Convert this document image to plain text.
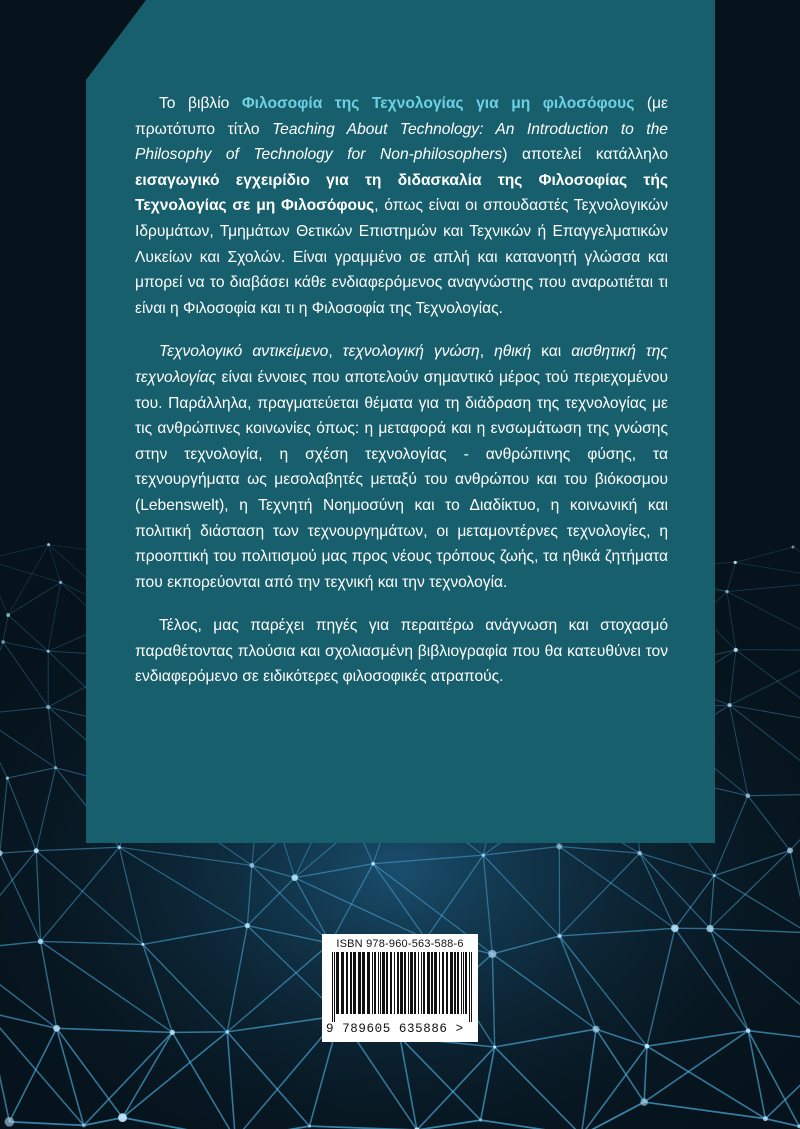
Το βιβλίο Φιλοσοφία της Τεχνολογίας για μη φιλοσόφους (με πρωτότυπο τίτλο Teaching About Technology: An Introduction to the Philosophy of Technology for Non-philosophers) αποτελεί κατάλληλο εισαγωγικό εγχειρίδιο για τη διδασκαλία της Φιλοσοφίας τής Τεχνολογίας σε μη Φιλοσόφους, όπως είναι οι σπουδαστές Τεχνολογικών Ιδρυμάτων, Τμημάτων Θετικών Επιστημών και Τεχνικών ή Επαγγελματικών Λυκείων και Σχολών. Είναι γραμμένο σε απλή και κατανοητή γλώσσα και μπορεί να το διαβάσει κάθε ενδιαφερόμενος αναγνώστης που αναρωτιέται τι είναι η Φιλοσοφία και τι η Φιλοσοφία της Τεχνολογίας.

Τεχνολογικό αντικείμενο, τεχνολογική γνώση, ηθική και αισθητική της τεχνολογίας είναι έννοιες που αποτελούν σημαντικό μέρος τού περιεχομένου του. Παράλληλα, πραγματεύεται θέματα για τη διάδραση της τεχνολογίας με τις ανθρώπινες κοινωνίες όπως: η μεταφορά και η ενσωμάτωση της γνώσης στην τεχνολογία, η σχέση τεχνολογίας - ανθρώπινης φύσης, τα τεχνουργήματα ως μεσολαβητές μεταξύ του ανθρώπου και του βιόκοσμου (Lebenswelt), η Τεχνητή Νοημοσύνη και το Διαδίκτυο, η κοινωνική και πολιτική διάσταση των τεχνουργημάτων, οι μεταμοντέρνες τεχνολογίες, η προοπτική του πολιτισμού μας προς νέους τρόπους ζωής, τα ηθικά ζητήματα που εκπορεύονται από την τεχνική και την τεχνολογία.

Τέλος, μας παρέχει πηγές για περαιτέρω ανάγνωση και στοχασμό παραθέτοντας πλούσια και σχολιασμένη βιβλιογραφία που θα κατευθύνει τον ενδιαφερόμενο σε ειδικότερες φιλοσοφικές ατραπούς.

ISBN 978-960-563-588-6
9 789605 635886 >
